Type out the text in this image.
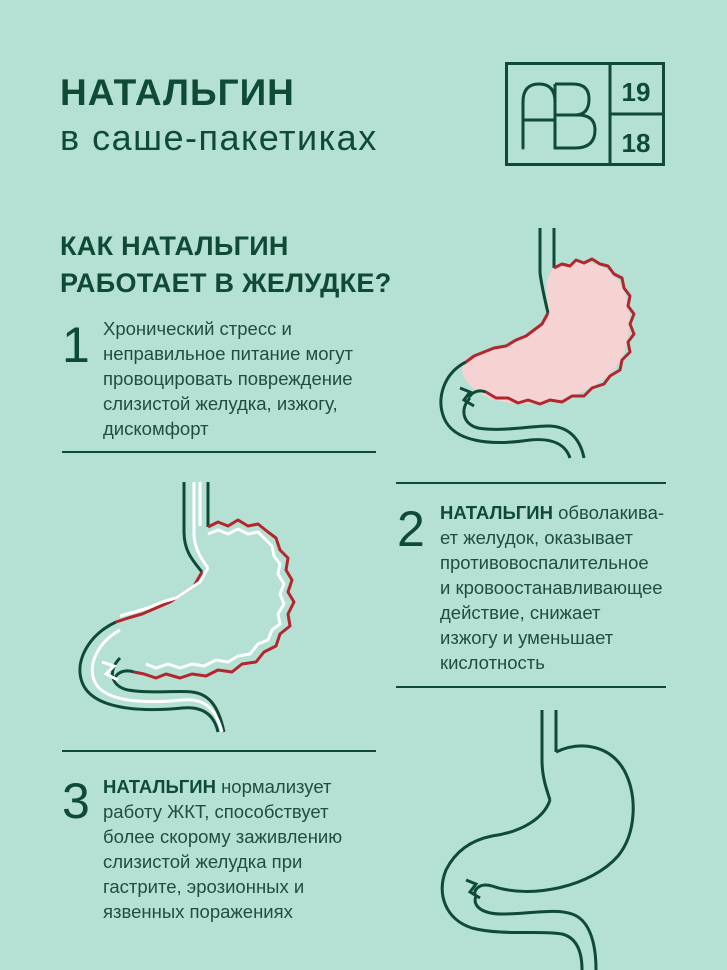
НАТАЛЬГИН
в саше-пакетиках
19
18
КАК НАТАЛЬГИН
РАБОТАЕТ В ЖЕЛУДКЕ?
1 Хронический стресс и
неправильное питание могут
провоцировать повреждение
слизистой желудка, изжогу,
дискомфорт
2 НАТАЛЬГИН обволакива-
ет желудок, оказывает
противовоспалительное
и кровоостанавливающее
действие, снижает
изжогу и уменьшает
кислотность
3 НАТАЛЬГИН нормализует
работу ЖКТ, способствует
более скорому заживлению
слизистой желудка при
гастрите, эрозионных и
язвенных поражениях
